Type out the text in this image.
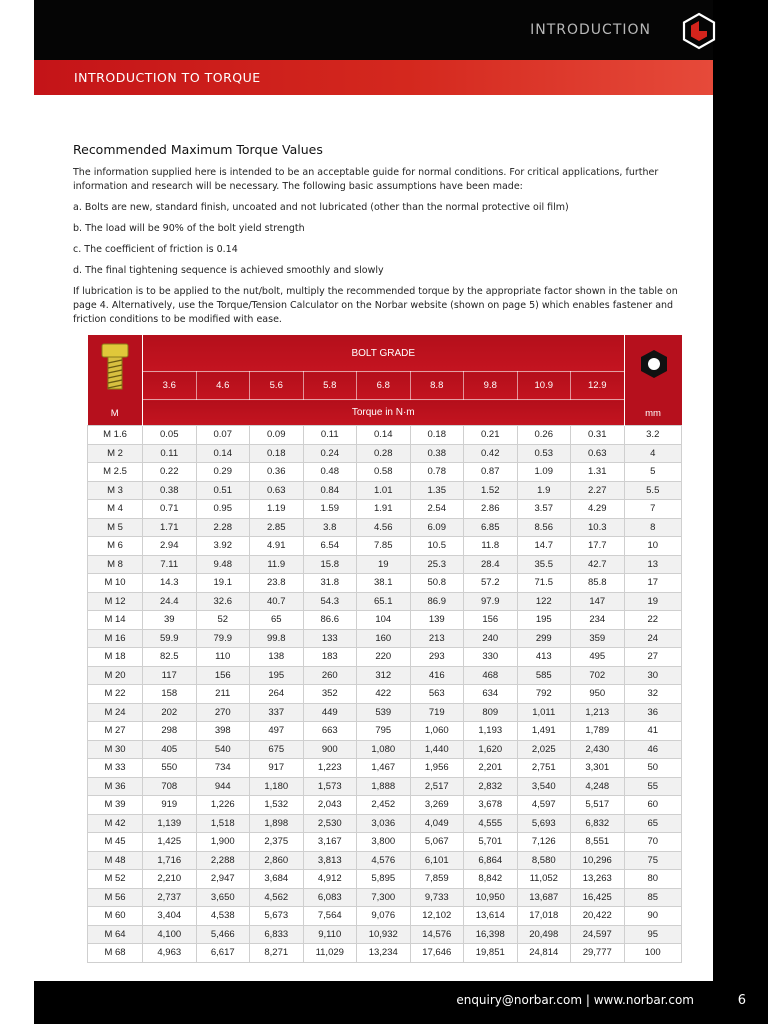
INTRODUCTION
INTRODUCTION TO TORQUE
Recommended Maximum Torque Values

The information supplied here is intended to be an acceptable guide for normal conditions. For critical applications, further information and research will be necessary. The following basic assumptions have been made:

a. Bolts are new, standard finish, uncoated and not lubricated (other than the normal protective oil film)

b. The load will be 90% of the bolt yield strength

c. The coefficient of friction is 0.14

d. The final tightening sequence is achieved smoothly and slowly

If lubrication is to be applied to the nut/bolt, multiply the recommended torque by the appropriate factor shown in the table on page 4. Alternatively, use the Torque/Tension Calculator on the Norbar website (shown on page 5) which enables fastener and friction conditions to be modified with ease.

M	BOLT GRADE									mm
	3.6	4.6	5.6	5.8	6.8	8.8	9.8	10.9	12.9	
	Torque in N·m									
M 1.6	0.05	0.07	0.09	0.11	0.14	0.18	0.21	0.26	0.31	3.2
M 2	0.11	0.14	0.18	0.24	0.28	0.38	0.42	0.53	0.63	4
M 2.5	0.22	0.29	0.36	0.48	0.58	0.78	0.87	1.09	1.31	5
M 3	0.38	0.51	0.63	0.84	1.01	1.35	1.52	1.9	2.27	5.5
M 4	0.71	0.95	1.19	1.59	1.91	2.54	2.86	3.57	4.29	7
M 5	1.71	2.28	2.85	3.8	4.56	6.09	6.85	8.56	10.3	8
M 6	2.94	3.92	4.91	6.54	7.85	10.5	11.8	14.7	17.7	10
M 8	7.11	9.48	11.9	15.8	19	25.3	28.4	35.5	42.7	13
M 10	14.3	19.1	23.8	31.8	38.1	50.8	57.2	71.5	85.8	17
M 12	24.4	32.6	40.7	54.3	65.1	86.9	97.9	122	147	19
M 14	39	52	65	86.6	104	139	156	195	234	22
M 16	59.9	79.9	99.8	133	160	213	240	299	359	24
M 18	82.5	110	138	183	220	293	330	413	495	27
M 20	117	156	195	260	312	416	468	585	702	30
M 22	158	211	264	352	422	563	634	792	950	32
M 24	202	270	337	449	539	719	809	1,011	1,213	36
M 27	298	398	497	663	795	1,060	1,193	1,491	1,789	41
M 30	405	540	675	900	1,080	1,440	1,620	2,025	2,430	46
M 33	550	734	917	1,223	1,467	1,956	2,201	2,751	3,301	50
M 36	708	944	1,180	1,573	1,888	2,517	2,832	3,540	4,248	55
M 39	919	1,226	1,532	2,043	2,452	3,269	3,678	4,597	5,517	60
M 42	1,139	1,518	1,898	2,530	3,036	4,049	4,555	5,693	6,832	65
M 45	1,425	1,900	2,375	3,167	3,800	5,067	5,701	7,126	8,551	70
M 48	1,716	2,288	2,860	3,813	4,576	6,101	6,864	8,580	10,296	75
M 52	2,210	2,947	3,684	4,912	5,895	7,859	8,842	11,052	13,263	80
M 56	2,737	3,650	4,562	6,083	7,300	9,733	10,950	13,687	16,425	85
M 60	3,404	4,538	5,673	7,564	9,076	12,102	13,614	17,018	20,422	90
M 64	4,100	5,466	6,833	9,110	10,932	14,576	16,398	20,498	24,597	95
M 68	4,963	6,617	8,271	11,029	13,234	17,646	19,851	24,814	29,777	100
enquiry@norbar.com | www.norbar.com	6
